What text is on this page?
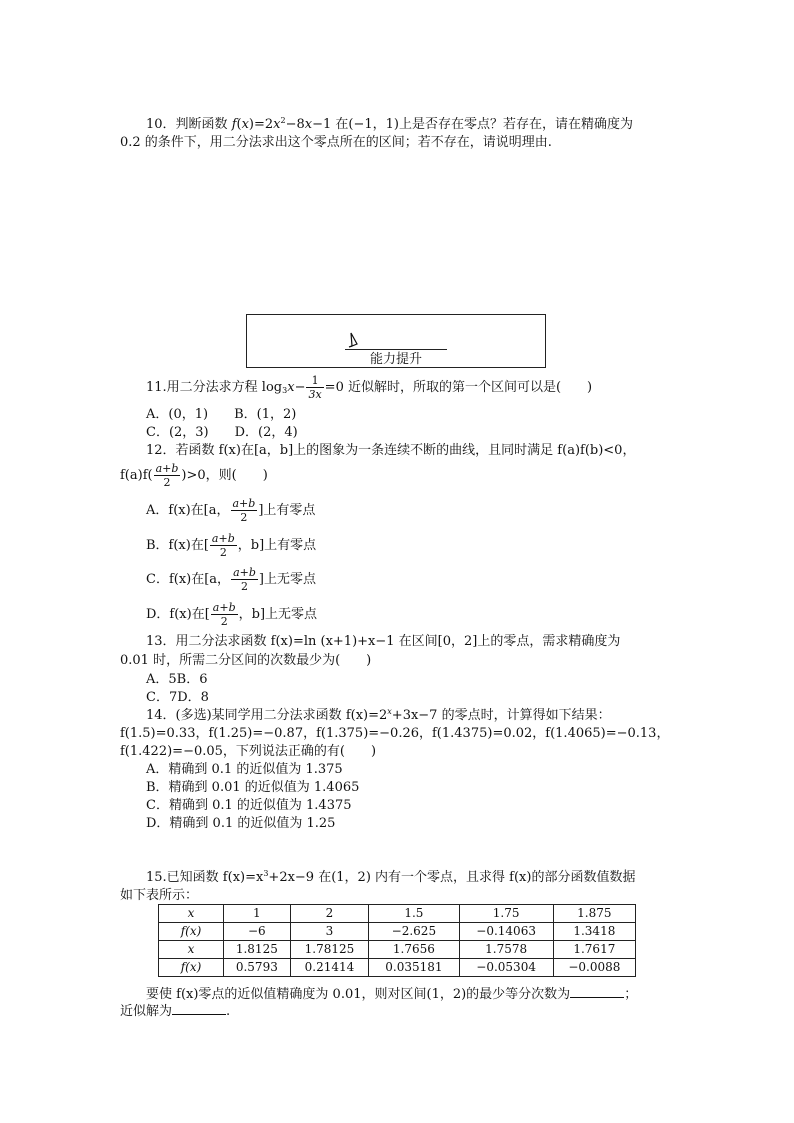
10．判断函数 $f(x)=2x^2-8x-1$ 在(−1，1)上是否存在零点？若存在，请在精确度为
0.2 的条件下，用二分法求出这个零点所在的区间；若不存在，请说明理由.
能力提升
11.用二分法求方程 $\log_3x- \frac{1}{3x} =0$ 近似解时，所取的第一个区间可以是(　　)
A．(0，1)　　B．(1，2)
C．(2，3)　　D．(2，4)
12．若函数 f(x)在[a，b]上的图象为一条连续不断的曲线，且同时满足 f(a)f(b)<0，
$f(a)f( \frac{a+b}{2} )>0$，则(　　)
A．f(x)在[a， $\frac{a+b}{2}$ ]上有零点
B．f(x)在[ $\frac{a+b}{2}$ ，b]上有零点
C．f(x)在[a， $\frac{a+b}{2}$ ]上无零点
D．f(x)在[ $\frac{a+b}{2}$ ，b]上无零点
13．用二分法求函数 f(x)=ln (x+1)+x−1 在区间[0，2]上的零点，需求精确度为
0.01 时，所需二分区间的次数最少为(　　)
A．5B．6
C．7D．8
14．(多选)某同学用二分法求函数 $f(x)=2^x+3x-7$ 的零点时，计算得如下结果：
f(1.5)=0.33，f(1.25)=−0.87，f(1.375)=−0.26，f(1.4375)=0.02，f(1.4065)=−0.13，
f(1.422)=−0.05，下列说法正确的有(　　)
A．精确到 0.1 的近似值为 1.375
B．精确到 0.01 的近似值为 1.4065
C．精确到 0.1 的近似值为 1.4375
D．精确到 0.1 的近似值为 1.25
15.已知函数 $f(x)=x^3+2x-9$ 在(1，2) 内有一个零点，且求得 f(x)的部分函数值数据
如下表所示：
x	1	2	1.5	1.75	1.875
f(x)	−6	3	−2.625	−0.14063	1.3418
x	1.8125	1.78125	1.7656	1.7578	1.7617
f(x)	0.5793	0.21414	0.035181	−0.05304	−0.0088
要使 f(x)零点的近似值精确度为 0.01，则对区间(1，2)的最少等分次数为	；
近似解为	.
